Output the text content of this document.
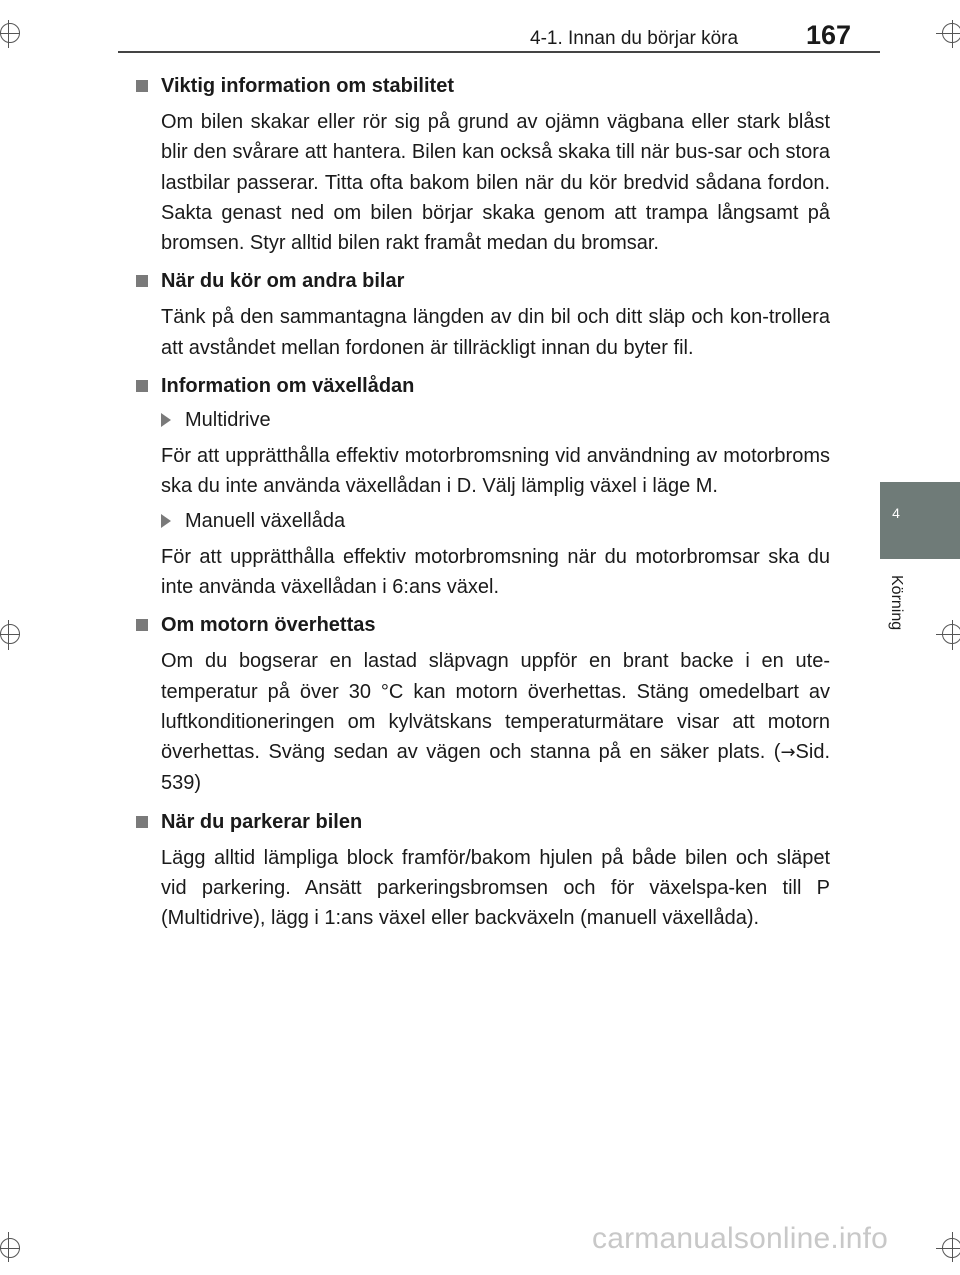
4-1. Innan du börjar köra	167
4
Körning
Viktig information om stabilitet

Om bilen skakar eller rör sig på grund av ojämn vägbana eller stark blåst blir den svårare att hantera. Bilen kan också skaka till när bus-sar och stora lastbilar passerar. Titta ofta bakom bilen när du kör bredvid sådana fordon. Sakta genast ned om bilen börjar skaka genom att trampa långsamt på bromsen. Styr alltid bilen rakt framåt medan du bromsar.

När du kör om andra bilar

Tänk på den sammantagna längden av din bil och ditt släp och kon-trollera att avståndet mellan fordonen är tillräckligt innan du byter fil.

Information om växellådan
Multidrive

För att upprätthålla effektiv motorbromsning vid användning av motorbroms ska du inte använda växellådan i D. Välj lämplig växel i läge M.

Manuell växellåda

För att upprätthålla effektiv motorbromsning när du motorbromsar ska du inte använda växellådan i 6:ans växel.

Om motorn överhettas

Om du bogserar en lastad släpvagn uppför en brant backe i en ute-temperatur på över 30 °C kan motorn överhettas. Stäng omedelbart av luftkonditioneringen om kylvätskans temperaturmätare visar att motorn överhettas. Sväng sedan av vägen och stanna på en säker plats. (→Sid. 539)

När du parkerar bilen

Lägg alltid lämpliga block framför/bakom hjulen på både bilen och släpet vid parkering. Ansätt parkeringsbromsen och för växelspa-ken till P (Multidrive), lägg i 1:ans växel eller backväxeln (manuell växellåda).

carmanualsonline.info
